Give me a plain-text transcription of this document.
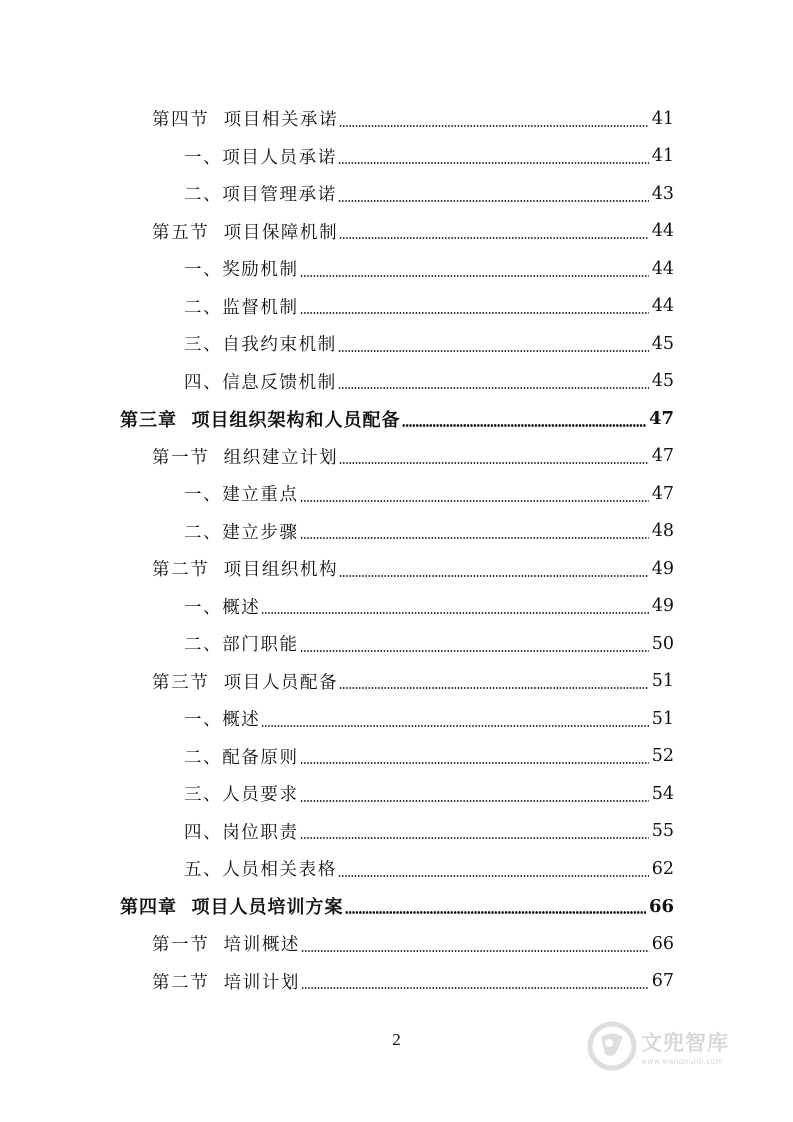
第四节  项目相关承诺	41
一、项目人员承诺	41
二、项目管理承诺	43
第五节  项目保障机制	44
一、奖励机制	44
二、监督机制	44
三、自我约束机制	45
四、信息反馈机制	45
第三章  项目组织架构和人员配备	47
第一节  组织建立计划	47
一、建立重点	47
二、建立步骤	48
第二节  项目组织机构	49
一、概述	49
二、部门职能	50
第三节  项目人员配备	51
一、概述	51
二、配备原则	52
三、人员要求	54
四、岗位职责	55
五、人员相关表格	62
第四章  项目人员培训方案	66
第一节  培训概述	66
第二节  培训计划	67
2	文兜智库
www.wendoulib.com
